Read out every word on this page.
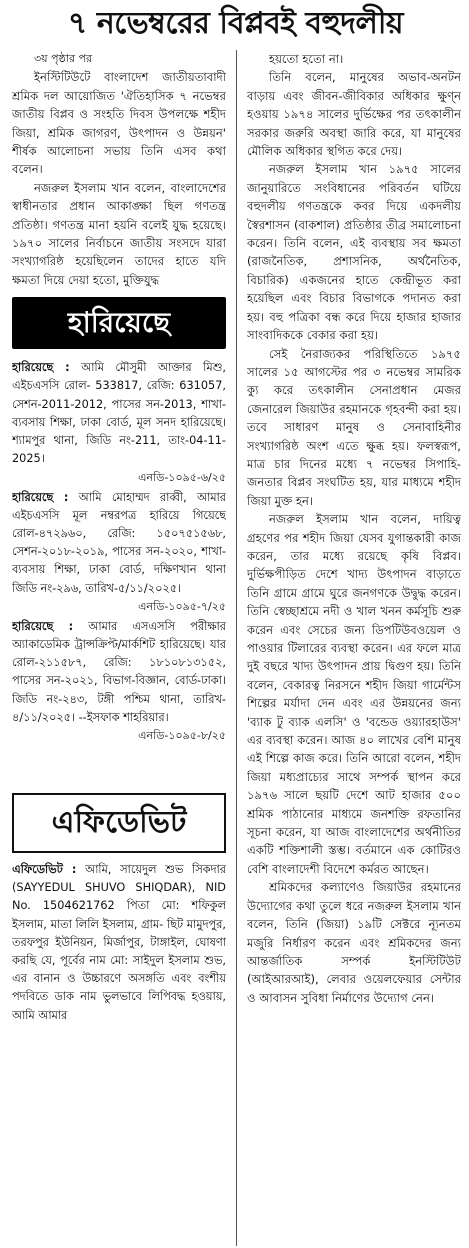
৭ নভেম্বরের বিপ্লবই বহুদলীয়

৩য় পৃষ্ঠার পর

ইনস্টিটিউটে বাংলাদেশ জাতীয়তাবাদী শ্রমিক দল আয়োজিত 'ঐতিহাসিক ৭ নভেম্বর জাতীয় বিপ্লব ও সংহতি দিবস উপলক্ষে শহীদ জিয়া, শ্রমিক জাগরণ, উৎপাদন ও উন্নয়ন' শীর্ষক আলোচনা সভায় তিনি এসব কথা বলেন।

নজরুল ইসলাম খান বলেন, বাংলাদেশের স্বাধীনতার প্রধান আকাঙ্ক্ষা ছিল গণতন্ত্র প্রতিষ্ঠা। গণতন্ত্র মানা হয়নি বলেই যুদ্ধ হয়েছে। ১৯৭০ সালের নির্বাচনে জাতীয় সংসদে যারা সংখ্যাগরিষ্ঠ হয়েছিলেন তাদের হাতে যদি ক্ষমতা দিয়ে দেয়া হতো, মুক্তিযুদ্ধ

হারিয়েছে

হারিয়েছে : আমি মৌসুমী আক্তার মিশু, এইচএসসি রোল- 533817, রেজি: 631057, সেশন-2011-2012, পাসের সন-2013, শাখা-ব্যবসায় শিক্ষা, ঢাকা বোর্ড, মূল সনদ হারিয়েছে। শ্যামপুর থানা, জিডি নং-211, তাং-04-11-2025।

এনডি-১০৯৫-৬/২৫

হারিয়েছে : আমি মোহাম্মদ রাব্বী, আমার এইচএসসি মূল নম্বরপত্র হারিয়ে গিয়েছে রোল-৪৭২৯৬০, রেজি: ১৫০৭৫১৫৬৮, সেশন-২০১৮-২০১৯, পাসের সন-২০২০, শাখা- ব্যবসায় শিক্ষা, ঢাকা বোর্ড, দক্ষিণখান থানা জিডি নং-২৯৬, তারিখ-৫/১১/২০২৫।

এনডি-১০৯৫-৭/২৫

হারিয়েছে : আমার এসএসসি পরীক্ষার অ্যাকাডেমিক ট্রান্সক্রিপ্ট/মার্কশিট হারিয়েছে। যার রোল-২১১৫৮৭, রেজি: ১৮১০৮১৩১৫২, পাসের সন-২০২১, বিভাগ-বিজ্ঞান, বোর্ড-ঢাকা। জিডি নং-২৪৩, টঙ্গী পশ্চিম থানা, তারিখ- ৪/১১/২০২৫। --ইসফাক শাহরিয়ার।

এনডি-১০৯৫-৮/২৫

এফিডেভিট

এফিডেভিট : আমি, সায়েদুল শুভ সিকদার (SAYYEDUL SHUVO SHIQDAR), NID No. 1504621762 পিতা মো: শফিকুল ইসলাম, মাতা লিলি ইসলাম, গ্রাম- ছিট মামুদপুর, তরফপুর ইউনিয়ন, মির্জাপুর, টাঙ্গাইল, ঘোষণা করছি যে, পূর্বের নাম মো: সাইদুল ইসলাম শুভ, এর বানান ও উচ্চারণে অসঙ্গতি এবং বংশীয় পদবিতে ডাক নাম ভুলভাবে লিপিবদ্ধ হওয়ায়, আমি আমার

হয়তো হতো না।

তিনি বলেন, মানুষের অভাব-অনটন বাড়ায় এবং জীবন-জীবিকার অধিকার ক্ষুণ্ন হওয়ায় ১৯৭৪ সালের দুর্ভিক্ষের পর তৎকালীন সরকার জরুরি অবস্থা জারি করে, যা মানুষের মৌলিক অধিকার স্থগিত করে দেয়।

নজরুল ইসলাম খান ১৯৭৫ সালের জানুয়ারিতে সংবিধানের পরিবর্তন ঘটিয়ে বহুদলীয় গণতন্ত্রকে কবর দিয়ে একদলীয় স্বৈরশাসন (বাকশাল) প্রতিষ্ঠার তীব্র সমালোচনা করেন। তিনি বলেন, এই ব্যবস্থায় সব ক্ষমতা (রাজনৈতিক, প্রশাসনিক, অর্থনৈতিক, বিচারিক) একজনের হাতে কেন্দ্রীভূত করা হয়েছিল এবং বিচার বিভাগকে পদানত করা হয়। বহু পত্রিকা বন্ধ করে দিয়ে হাজার হাজার সাংবাদিককে বেকার করা হয়।

সেই নৈরাজ্যকর পরিস্থিতিতে ১৯৭৫ সালের ১৫ আগস্টের পর ৩ নভেম্বর সামরিক ক্যু করে তৎকালীন সেনাপ্রধান মেজর জেনারেল জিয়াউর রহমানকে গৃহবন্দী করা হয়। তবে সাধারণ মানুষ ও সেনাবাহিনীর সংখ্যাগরিষ্ঠ অংশ এতে ক্ষুব্ধ হয়। ফলস্বরূপ, মাত্র চার দিনের মধ্যে ৭ নভেম্বর সিপাহি-জনতার বিপ্লব সংঘটিত হয়, যার মাধ্যমে শহীদ জিয়া মুক্ত হন।

নজরুল ইসলাম খান বলেন, দায়িত্ব গ্রহণের পর শহীদ জিয়া যেসব যুগান্তকারী কাজ করেন, তার মধ্যে রয়েছে কৃষি বিপ্লব। দুর্ভিক্ষপীড়িত দেশে খাদ্য উৎপাদন বাড়াতে তিনি গ্রামে গ্রামে ঘুরে জনগণকে উদ্বুদ্ধ করেন। তিনি স্বেচ্ছাশ্রমে নদী ও খাল খনন কর্মসূচি শুরু করেন এবং সেচের জন্য ডিপটিউবওয়েল ও পাওয়ার টিলারের ব্যবস্থা করেন। এর ফলে মাত্র দুই বছরে খাদ্য উৎপাদন প্রায় দ্বিগুণ হয়। তিনি বলেন, বেকারত্ব নিরসনে শহীদ জিয়া গার্মেন্টস শিল্পের মর্যাদা দেন এবং এর উন্নয়নের জন্য 'ব্যাক টু ব্যাক এলসি' ও 'বন্ডেড ওয়্যারহাউস' এর ব্যবস্থা করেন। আজ ৪০ লাখের বেশি মানুষ এই শিল্পে কাজ করে। তিনি আরো বলেন, শহীদ জিয়া মধ্যপ্রাচ্যের সাথে সম্পর্ক স্থাপন করে ১৯৭৬ সালে ছয়টি দেশে আট হাজার ৫০০ শ্রমিক পাঠানোর মাধ্যমে জনশক্তি রফতানির সূচনা করেন, যা আজ বাংলাদেশের অর্থনীতির একটি শক্তিশালী স্তম্ভ। বর্তমানে এক কোটিরও বেশি বাংলাদেশী বিদেশে কর্মরত আছেন।

শ্রমিকদের কল্যাণেও জিয়াউর রহমানের উদ্যোগের কথা তুলে ধরে নজরুল ইসলাম খান বলেন, তিনি (জিয়া) ১৯টি সেক্টরে ন্যূনতম মজুরি নির্ধারণ করেন এবং শ্রমিকদের জন্য আন্তর্জাতিক সম্পর্ক ইনস্টিটিউট (আইআরআই), লেবার ওয়েলফেয়ার সেন্টার ও আবাসন সুবিধা নির্মাণের উদ্যোগ নেন।
